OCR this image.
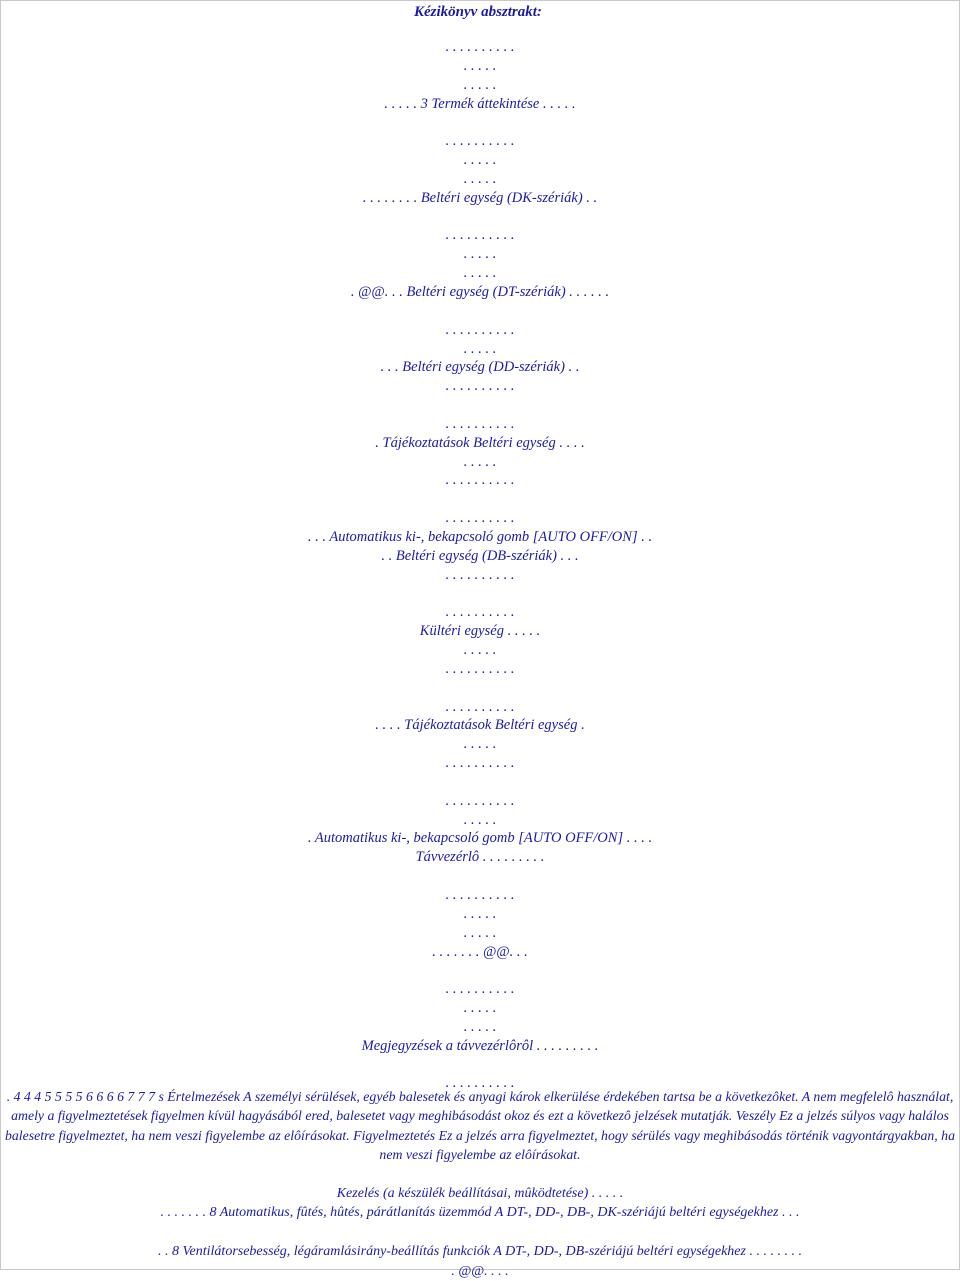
Kézikönyv absztrakt:
. . . . . . . . . .
. . . . .
. . . . .
. . . . . 3 Termék áttekintése . . . . .
. . . . . . . . . .
. . . . .
. . . . .
. . . . . . . . Beltéri egység (DK-szériák) . .
. . . . . . . . . .
. . . . .
. . . . .
. @@. . . Beltéri egység (DT-szériák) . . . . . .
. . . . . . . . . .
. . . . .
. . . Beltéri egység (DD-szériák) . .
. . . . . . . . . .
. . . . . . . . . .
. Tájékoztatások Beltéri egység . . . .
. . . . .
. . . . . . . . . .
. . . . . . . . . .
. . . Automatikus ki-, bekapcsoló gomb [AUTO OFF/ON] . .
. . Beltéri egység (DB-szériák) . . .
. . . . . . . . . .
. . . . . . . . . .
Kültéri egység . . . . .
. . . . .
. . . . . . . . . .
. . . . . . . . . .
. . . . Tájékoztatások Beltéri egység .
. . . . .
. . . . . . . . . .
. . . . . . . . . .
. . . . .
. Automatikus ki-, bekapcsoló gomb [AUTO OFF/ON] . . . .
Távvezérlô . . . . . . . . .
. . . . . . . . . .
. . . . .
. . . . .
. . . . . . . @@. . .
. . . . . . . . . .
. . . . .
. . . . .
Megjegyzések a távvezérlôrôl . . . . . . . . .
. . . . . . . . . .

. 4 4 4 5 5 5 5 6 6 6 6 7 7 7 s Értelmezések A személyi sérülések, egyéb balesetek és anyagi károk elkerülése érdekében tartsa be a következôket. A nem megfelelô használat, amely a figyelmeztetések figyelmen kívül hagyásából ered, balesetet vagy meghibásodást okoz és ezt a következô jelzések mutatják. Veszély Ez a jelzés súlyos vagy halálos balesetre figyelmeztet, ha nem veszi figyelembe az elôírásokat. Figyelmeztetés Ez a jelzés arra figyelmeztet, hogy sérülés vagy meghibásodás történik vagyontárgyakban, ha nem veszi figyelembe az elôírásokat.

Kezelés (a készülék beállításai, mûködtetése) . . . . .
. . . . . . . 8 Automatikus, fûtés, hûtés, párátlanítás üzemmód A DT-, DD-, DB-, DK-szériájú beltéri egységekhez . . .
. . 8 Ventilátorsebesség, légáramlásirány-beállítás funkciók A DT-, DD-, DB-szériájú beltéri egységekhez . . . . . . . .
. @@. . . .
